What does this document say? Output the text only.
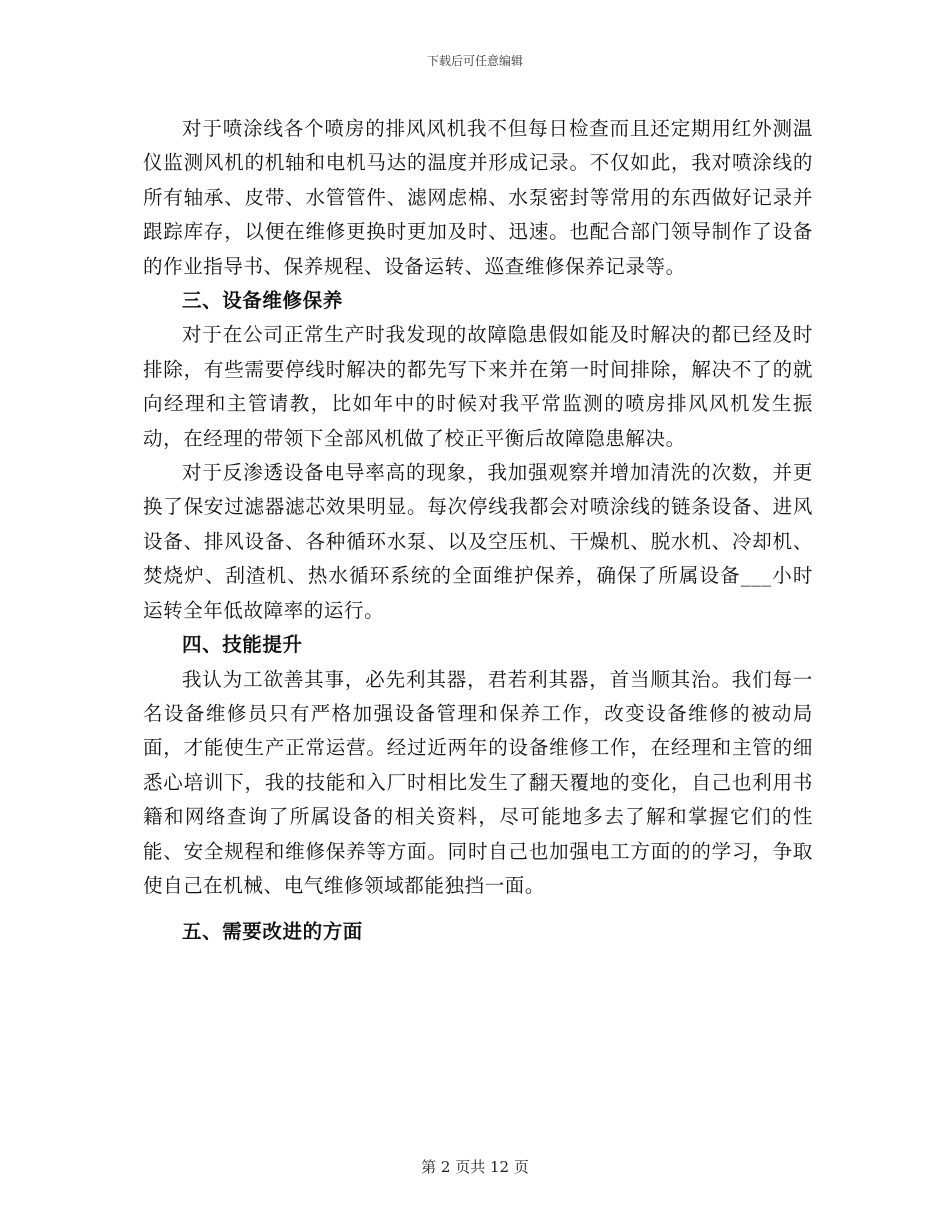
下载后可任意编辑

对于喷涂线各个喷房的排风风机我不但每日检查而且还定期用红外测温仪监测风机的机轴和电机马达的温度并形成记录。不仅如此，我对喷涂线的所有轴承、皮带、水管管件、滤网虑棉、水泵密封等常用的东西做好记录并跟踪库存，以便在维修更换时更加及时、迅速。也配合部门领导制作了设备的作业指导书、保养规程、设备运转、巡查维修保养记录等。

三、设备维修保养

对于在公司正常生产时我发现的故障隐患假如能及时解决的都已经及时排除，有些需要停线时解决的都先写下来并在第一时间排除，解决不了的就向经理和主管请教，比如年中的时候对我平常监测的喷房排风风机发生振动，在经理的带领下全部风机做了校正平衡后故障隐患解决。

对于反渗透设备电导率高的现象，我加强观察并增加清洗的次数，并更换了保安过滤器滤芯效果明显。每次停线我都会对喷涂线的链条设备、进风设备、排风设备、各种循环水泵、以及空压机、干燥机、脱水机、冷却机、焚烧炉、刮渣机、热水循环系统的全面维护保养，确保了所属设备___小时运转全年低故障率的运行。

四、技能提升

我认为工欲善其事，必先利其器，君若利其器，首当顺其治。我们每一名设备维修员只有严格加强设备管理和保养工作，改变设备维修的被动局面，才能使生产正常运营。经过近两年的设备维修工作，在经理和主管的细悉心培训下，我的技能和入厂时相比发生了翻天覆地的变化，自己也利用书籍和网络查询了所属设备的相关资料，尽可能地多去了解和掌握它们的性能、安全规程和维修保养等方面。同时自己也加强电工方面的的学习，争取使自己在机械、电气维修领域都能独挡一面。

五、需要改进的方面

第 2 页共 12 页
